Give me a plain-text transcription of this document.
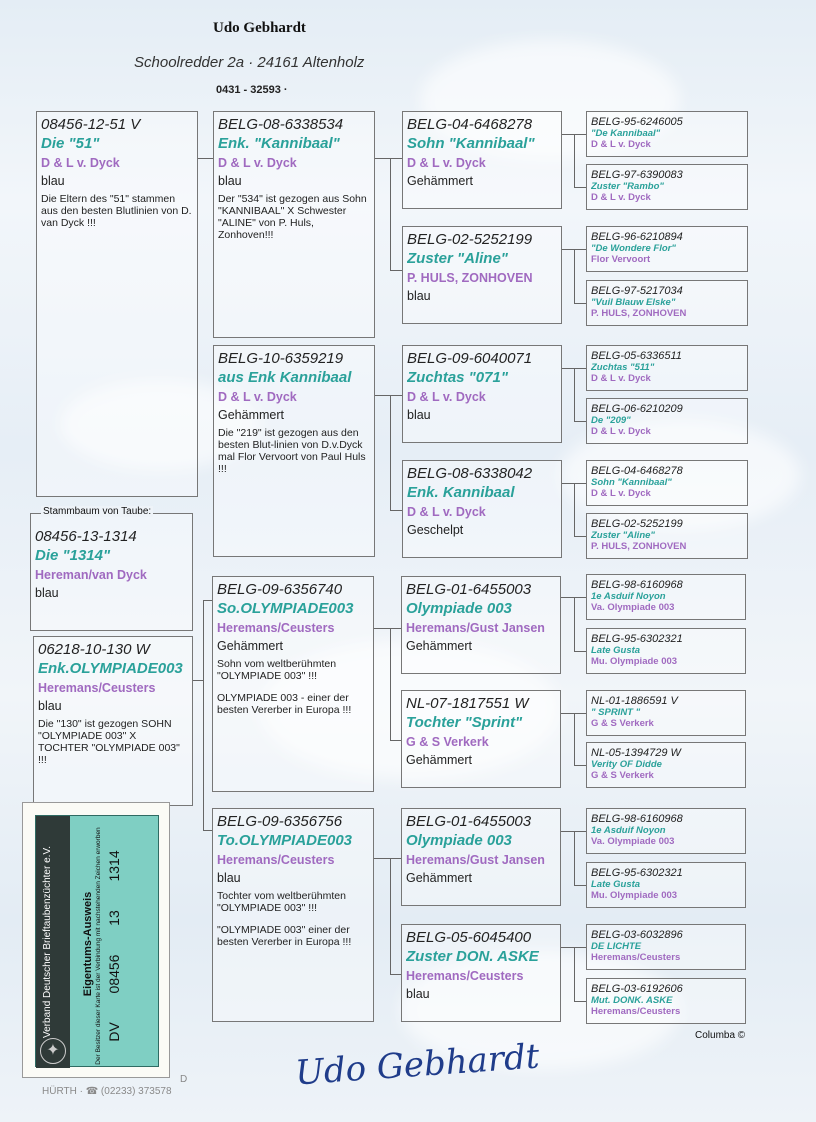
Udo Gebhardt
Schoolredder 2a · 24161 Altenholz
0431 - 32593 ·
08456-12-51 V
Die "51"
D & L v. Dyck
blau
Die Eltern des "51" stammen aus den besten Blutlinien von D. van Dyck !!!
Stammbaum von Taube:
08456-13-1314
Die "1314"
Hereman/van Dyck
blau
06218-10-130 W
Enk.OLYMPIADE003
Heremans/Ceusters
blau
Die "130" ist gezogen SOHN "OLYMPIADE 003" X TOCHTER "OLYMPIADE 003" !!!
BELG-08-6338534
Enk. "Kannibaal"
D & L v. Dyck
blau
Der "534" ist gezogen aus Sohn "KANNIBAAL" X Schwester "ALINE" von P. Huls, Zonhoven!!!
BELG-10-6359219
aus Enk Kannibaal
D & L v. Dyck
Gehämmert
Die "219" ist gezogen aus den besten Blut-linien von D.v.Dyck mal Flor Vervoort von Paul Huls !!!
BELG-09-6356740
So.OLYMPIADE003
Heremans/Ceusters
Gehämmert
Sohn vom weltberühmten "OLYMPIADE 003" !!!
OLYMPIADE 003 - einer der besten Vererber in Europa !!!
BELG-09-6356756
To.OLYMPIADE003
Heremans/Ceusters
blau
Tochter vom weltberühmten "OLYMPIADE 003" !!!
"OLYMPIADE 003" einer der besten Vererber in Europa !!!
BELG-04-6468278
Sohn "Kannibaal"
D & L v. Dyck
Gehämmert
BELG-02-5252199
Zuster "Aline"
P. HULS, ZONHOVEN
blau
BELG-09-6040071
Zuchtas "071"
D & L v. Dyck
blau
BELG-08-6338042
Enk. Kannibaal
D & L v. Dyck
Geschelpt
BELG-01-6455003
Olympiade 003
Heremans/Gust Jansen
Gehämmert
NL-07-1817551 W
Tochter "Sprint"
G & S Verkerk
Gehämmert
BELG-01-6455003
Olympiade 003
Heremans/Gust Jansen
Gehämmert
BELG-05-6045400
Zuster DON. ASKE
Heremans/Ceusters
blau
BELG-95-6246005
"De Kannibaal"
D & L v. Dyck
BELG-97-6390083
Zuster "Rambo"
D & L v. Dyck
BELG-96-6210894
"De Wondere Flor"
Flor Vervoort
BELG-97-5217034
"Vuil Blauw Elske"
P. HULS, ZONHOVEN
BELG-05-6336511
Zuchtas "511"
D & L v. Dyck
BELG-06-6210209
De "209"
D & L v. Dyck
BELG-04-6468278
Sohn "Kannibaal"
D & L v. Dyck
BELG-02-5252199
Zuster "Aline"
P. HULS, ZONHOVEN
BELG-98-6160968
1e Asduif Noyon
Va. Olympiade 003
BELG-95-6302321
Late Gusta
Mu. Olympiade 003
NL-01-1886591 V
" SPRINT "
G & S Verkerk
NL-05-1394729 W
Verity OF Didde
G & S Verkerk
BELG-98-6160968
1e Asduif Noyon
Va. Olympiade 003
BELG-95-6302321
Late Gusta
Mu. Olympiade 003
BELG-03-6032896
DE LICHTE
Heremans/Ceusters
BELG-03-6192606
Mut. DONK. ASKE
Heremans/Ceusters
Columba ©
Udo Gebhardt
Verband Deutscher Brieftaubenzüchter e.V.	Eigentums-Ausweis Der Besitzer dieser Karte ist der Verbindung mit nachstehenden Zeichen erworben DV
08456
13
1314
✦
D
HÜRTH · ☎ (02233) 373578
